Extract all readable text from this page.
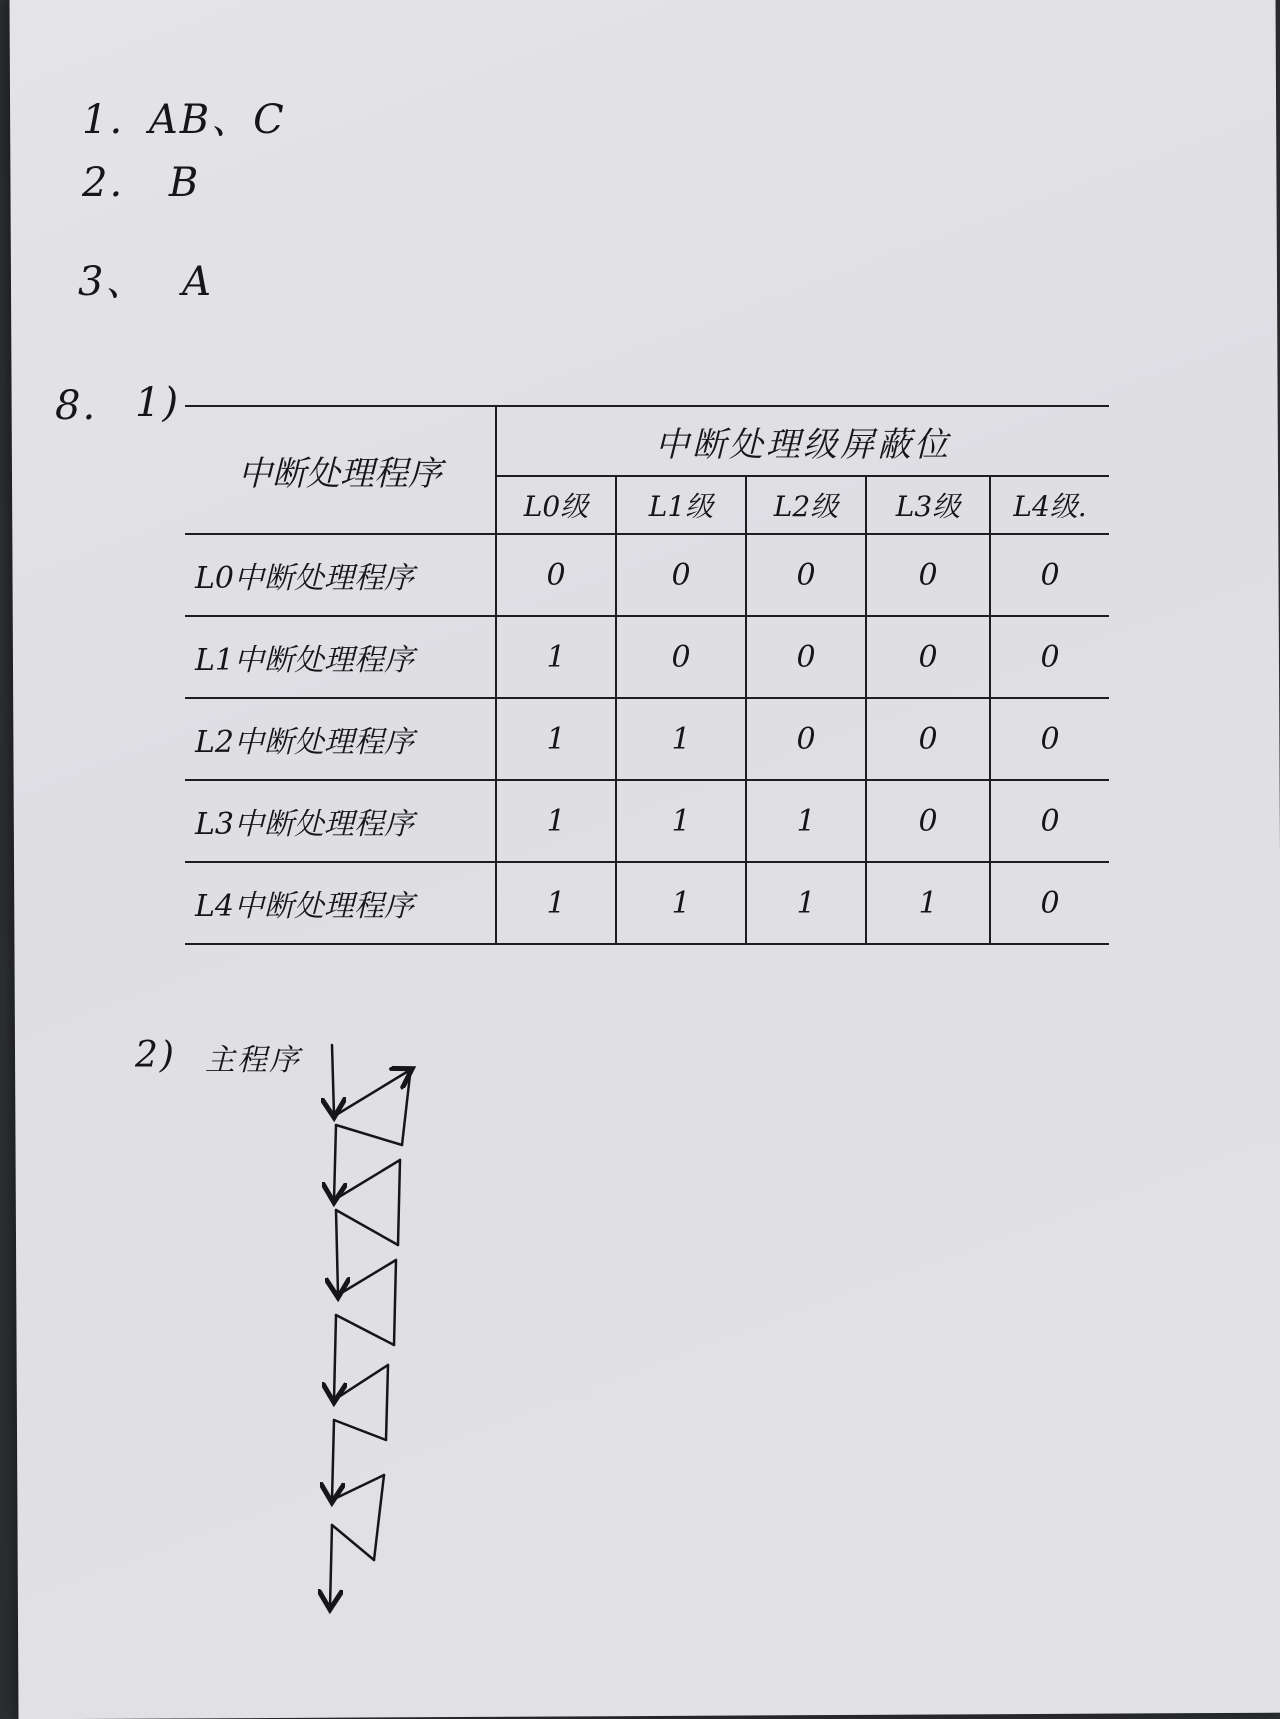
1. AB、C
2. B
3、 A
8. 1)
中断处理程序	中断处理级屏蔽位				
	L0级	L1级	L2级	L3级	L4级.
L0中断处理程序	0	0	0	0	0
L1中断处理程序	1	0	0	0	0
L2中断处理程序	1	1	0	0	0
L3中断处理程序	1	1	1	0	0
L4中断处理程序	1	1	1	1	0
2) 主程序
